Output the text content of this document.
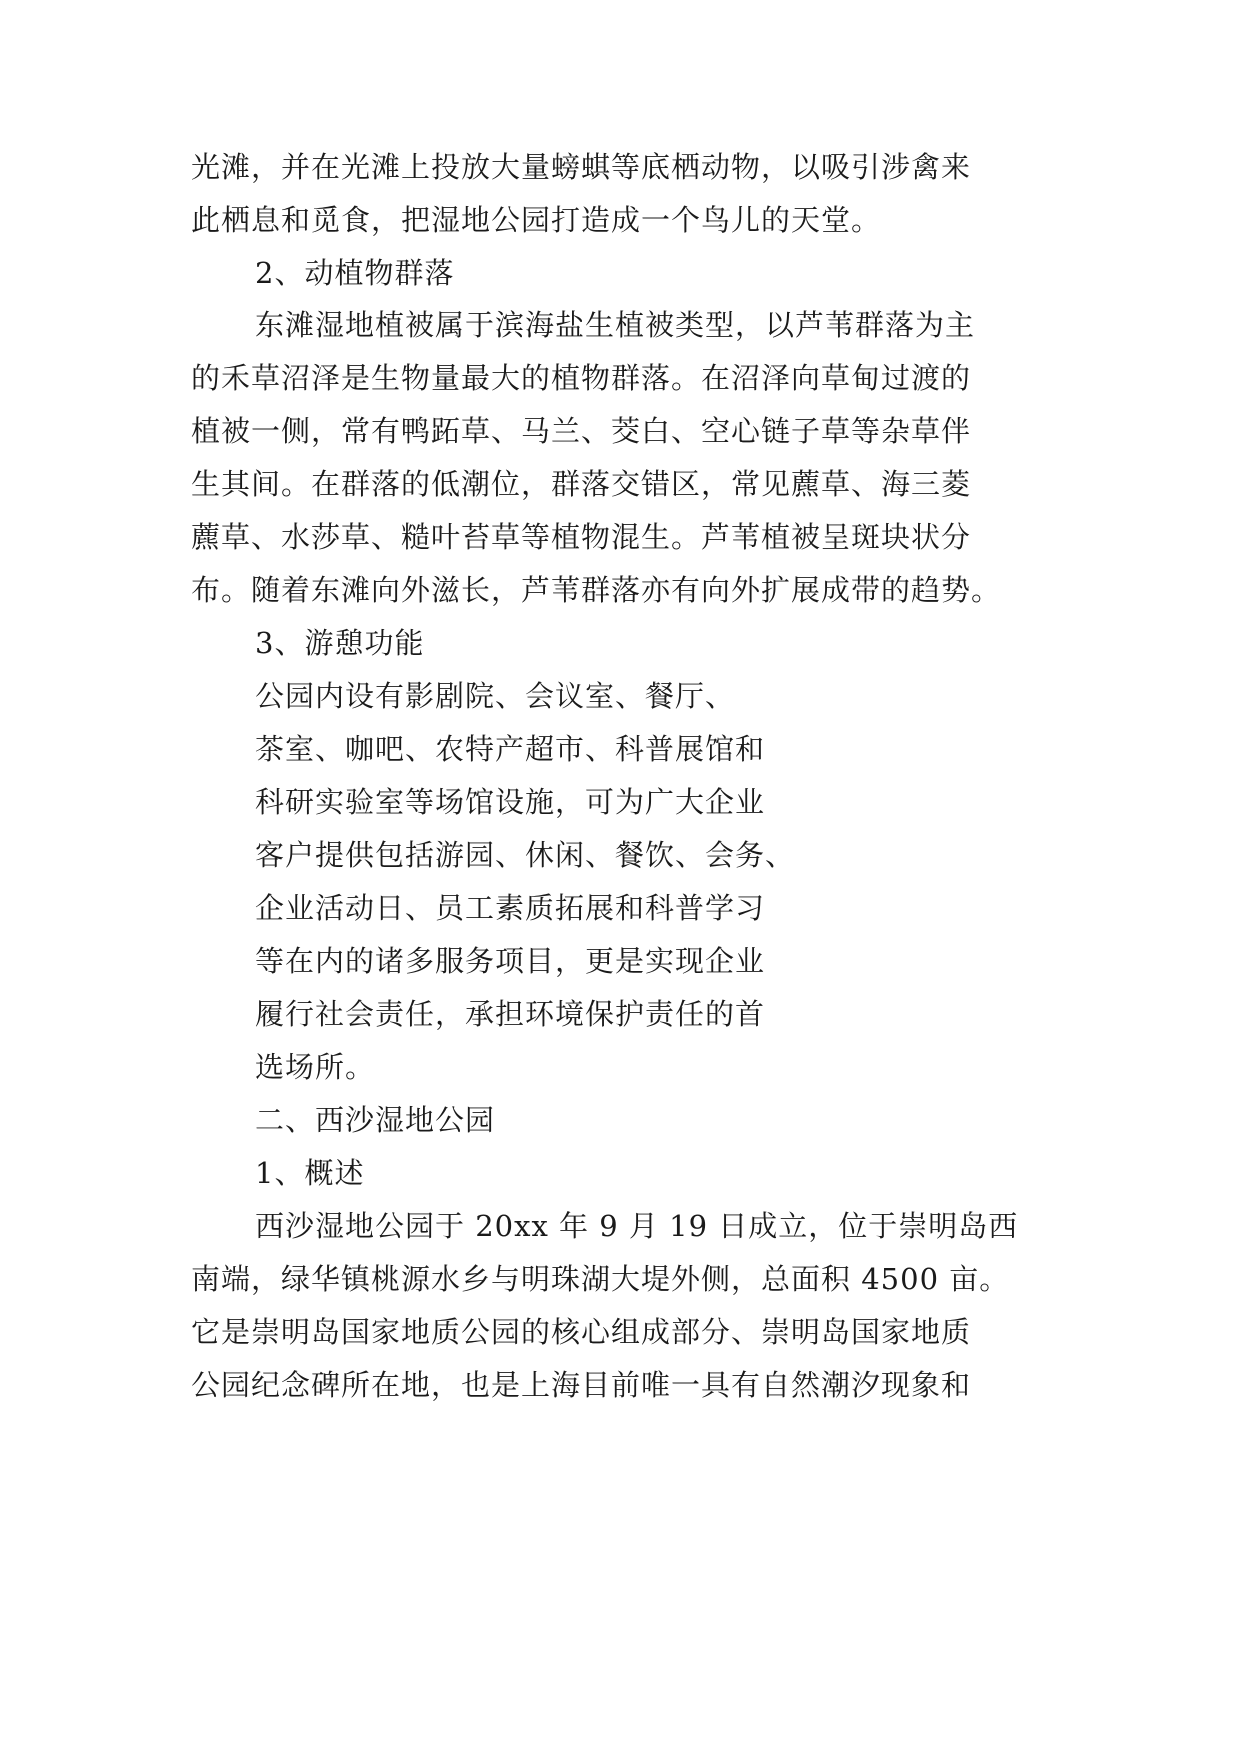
光滩，并在光滩上投放大量螃蜞等底栖动物，以吸引涉禽来
此栖息和觅食，把湿地公园打造成一个鸟儿的天堂。
2、动植物群落
东滩湿地植被属于滨海盐生植被类型，以芦苇群落为主
的禾草沼泽是生物量最大的植物群落。在沼泽向草甸过渡的
植被一侧，常有鸭跖草、马兰、茭白、空心链子草等杂草伴
生其间。在群落的低潮位，群落交错区，常见藨草、海三菱
藨草、水莎草、糙叶苔草等植物混生。芦苇植被呈斑块状分
布。随着东滩向外滋长，芦苇群落亦有向外扩展成带的趋势。
3、游憩功能
公园内设有影剧院、会议室、餐厅、
茶室、咖吧、农特产超市、科普展馆和
科研实验室等场馆设施，可为广大企业
客户提供包括游园、休闲、餐饮、会务、
企业活动日、员工素质拓展和科普学习
等在内的诸多服务项目，更是实现企业
履行社会责任，承担环境保护责任的首
选场所。
二、西沙湿地公园
1、概述
西沙湿地公园于 20xx 年 9 月 19 日成立，位于崇明岛西
南端，绿华镇桃源水乡与明珠湖大堤外侧，总面积 4500 亩。
它是崇明岛国家地质公园的核心组成部分、崇明岛国家地质
公园纪念碑所在地，也是上海目前唯一具有自然潮汐现象和
